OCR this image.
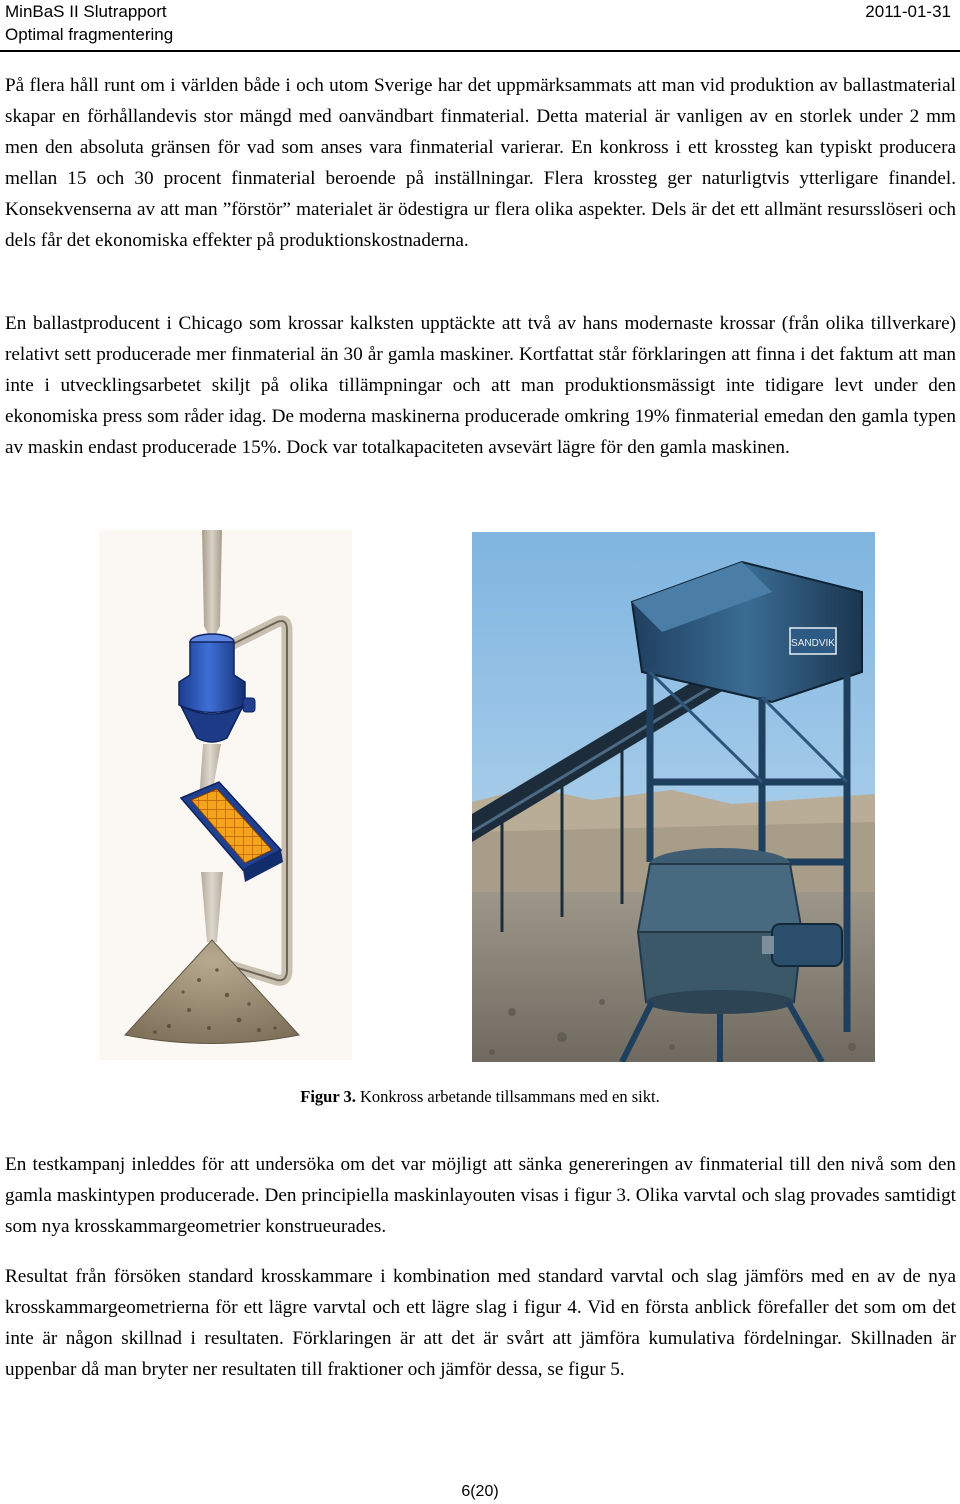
MinBaS II Slutrapport
Optimal fragmentering
2011-01-31

På flera håll runt om i världen både i och utom Sverige har det uppmärksammats att man vid produktion av ballastmaterial skapar en förhållandevis stor mängd med oanvändbart finmaterial. Detta material är vanligen av en storlek under 2 mm men den absoluta gränsen för vad som anses vara finmaterial varierar. En konkross i ett krossteg kan typiskt producera mellan 15 och 30 procent finmaterial beroende på inställningar. Flera krossteg ger naturligtvis ytterligare finandel. Konsekvenserna av att man ”förstör” materialet är ödestigra ur flera olika aspekter. Dels är det ett allmänt resursslöseri och dels får det ekonomiska effekter på produktionskostnaderna.

En ballastproducent i Chicago som krossar kalksten upptäckte att två av hans modernaste krossar (från olika tillverkare) relativt sett producerade mer finmaterial än 30 år gamla maskiner. Kortfattat står förklaringen att finna i det faktum att man inte i utvecklingsarbetet skiljt på olika tillämpningar och att man produktionsmässigt inte tidigare levt under den ekonomiska press som råder idag. De moderna maskinerna producerade omkring 19% finmaterial emedan den gamla typen av maskin endast producerade 15%. Dock var totalkapaciteten avsevärt lägre för den gamla maskinen.

SANDVIK
Figur 3. Konkross arbetande tillsammans med en sikt.

En testkampanj inleddes för att undersöka om det var möjligt att sänka genereringen av finmaterial till den nivå som den gamla maskintypen producerade. Den principiella maskinlayouten visas i figur 3. Olika varvtal och slag provades samtidigt som nya krosskammargeometrier konstrueurades.

Resultat från försöken standard krosskammare i kombination med standard varvtal och slag jämförs med en av de nya krosskammargeometrierna för ett lägre varvtal och ett lägre slag i figur 4. Vid en första anblick förefaller det som om det inte är någon skillnad i resultaten. Förklaringen är att det är svårt att jämföra kumulativa fördelningar. Skillnaden är uppenbar då man bryter ner resultaten till fraktioner och jämför dessa, se figur 5.

6(20)
